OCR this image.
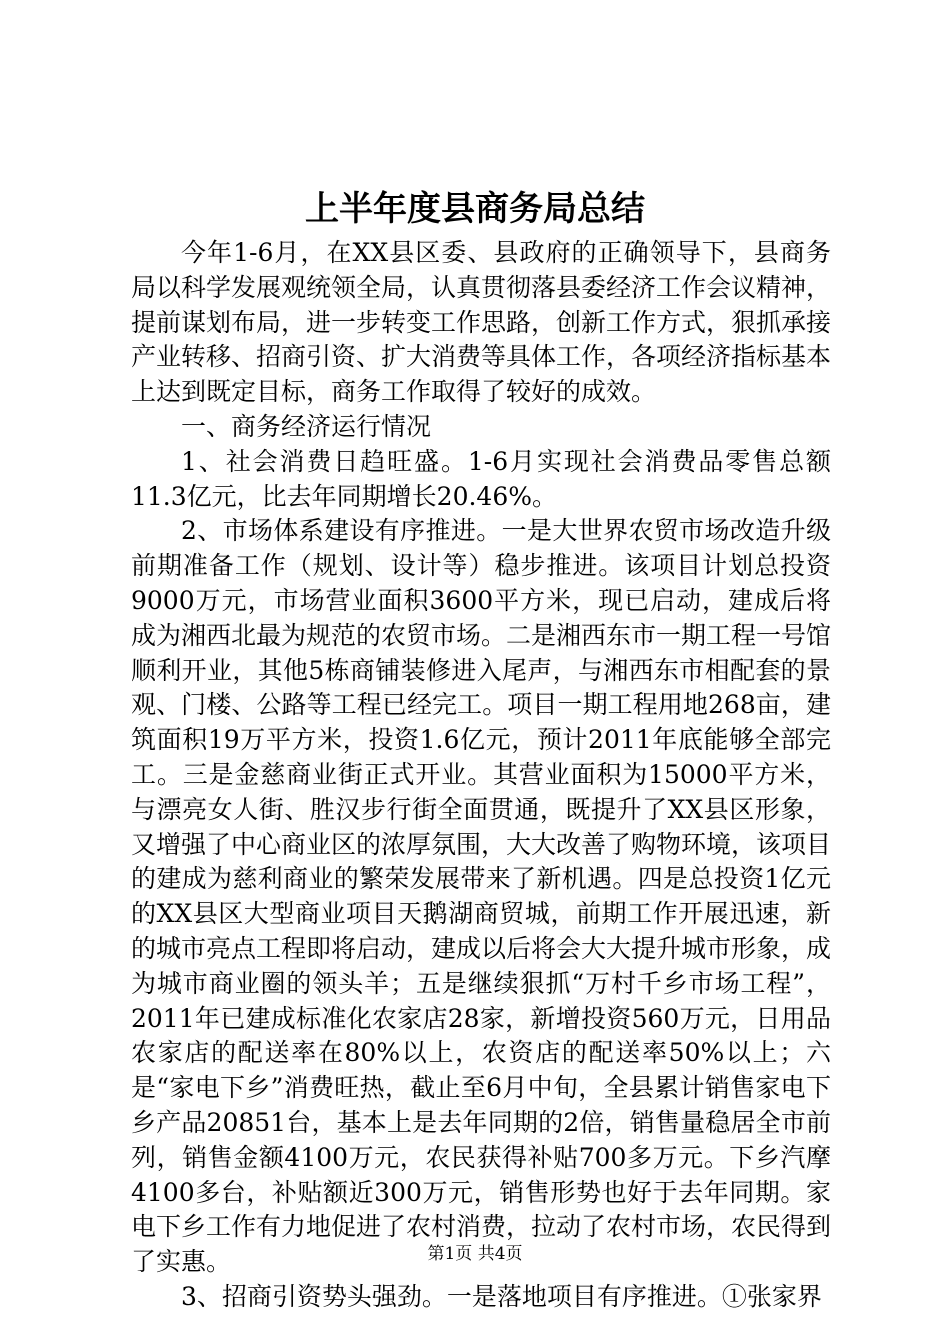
上半年度县商务局总结

今年1-6月，在XX县区委、县政府的正确领导下，县商务局以科学发展观统领全局，认真贯彻落县委经济工作会议精神，提前谋划布局，进一步转变工作思路，创新工作方式，狠抓承接产业转移、招商引资、扩大消费等具体工作，各项经济指标基本上达到既定目标，商务工作取得了较好的成效。

一、商务经济运行情况

1、社会消费日趋旺盛。1-6月实现社会消费品零售总额11.3亿元，比去年同期增长20.46%。

2、市场体系建设有序推进。一是大世界农贸市场改造升级前期准备工作（规划、设计等）稳步推进。该项目计划总投资9000万元，市场营业面积3600平方米，现已启动，建成后将成为湘西北最为规范的农贸市场。二是湘西东市一期工程一号馆顺利开业，其他5栋商铺装修进入尾声，与湘西东市相配套的景观、门楼、公路等工程已经完工。项目一期工程用地268亩，建筑面积19万平方米，投资1.6亿元，预计2011年底能够全部完工。三是金慈商业街正式开业。其营业面积为15000平方米，与漂亮女人街、胜汉步行街全面贯通，既提升了XX县区形象，又增强了中心商业区的浓厚氛围，大大改善了购物环境，该项目的建成为慈利商业的繁荣发展带来了新机遇。四是总投资1亿元的XX县区大型商业项目天鹅湖商贸城，前期工作开展迅速，新的城市亮点工程即将启动，建成以后将会大大提升城市形象，成为城市商业圈的领头羊；五是继续狠抓“万村千乡市场工程”，2011年已建成标准化农家店28家，新增投资560万元，日用品农家店的配送率在80%以上，农资店的配送率50%以上；六是“家电下乡”消费旺热，截止至6月中旬，全县累计销售家电下乡产品20851台，基本上是去年同期的2倍，销售量稳居全市前列，销售金额4100万元，农民获得补贴700多万元。下乡汽摩4100多台，补贴额近300万元，销售形势也好于去年同期。家电下乡工作有力地促进了农村消费，拉动了农村市场，农民得到了实惠。

3、招商引资势头强劲。一是落地项目有序推进。①张家界

第1页 共4页
